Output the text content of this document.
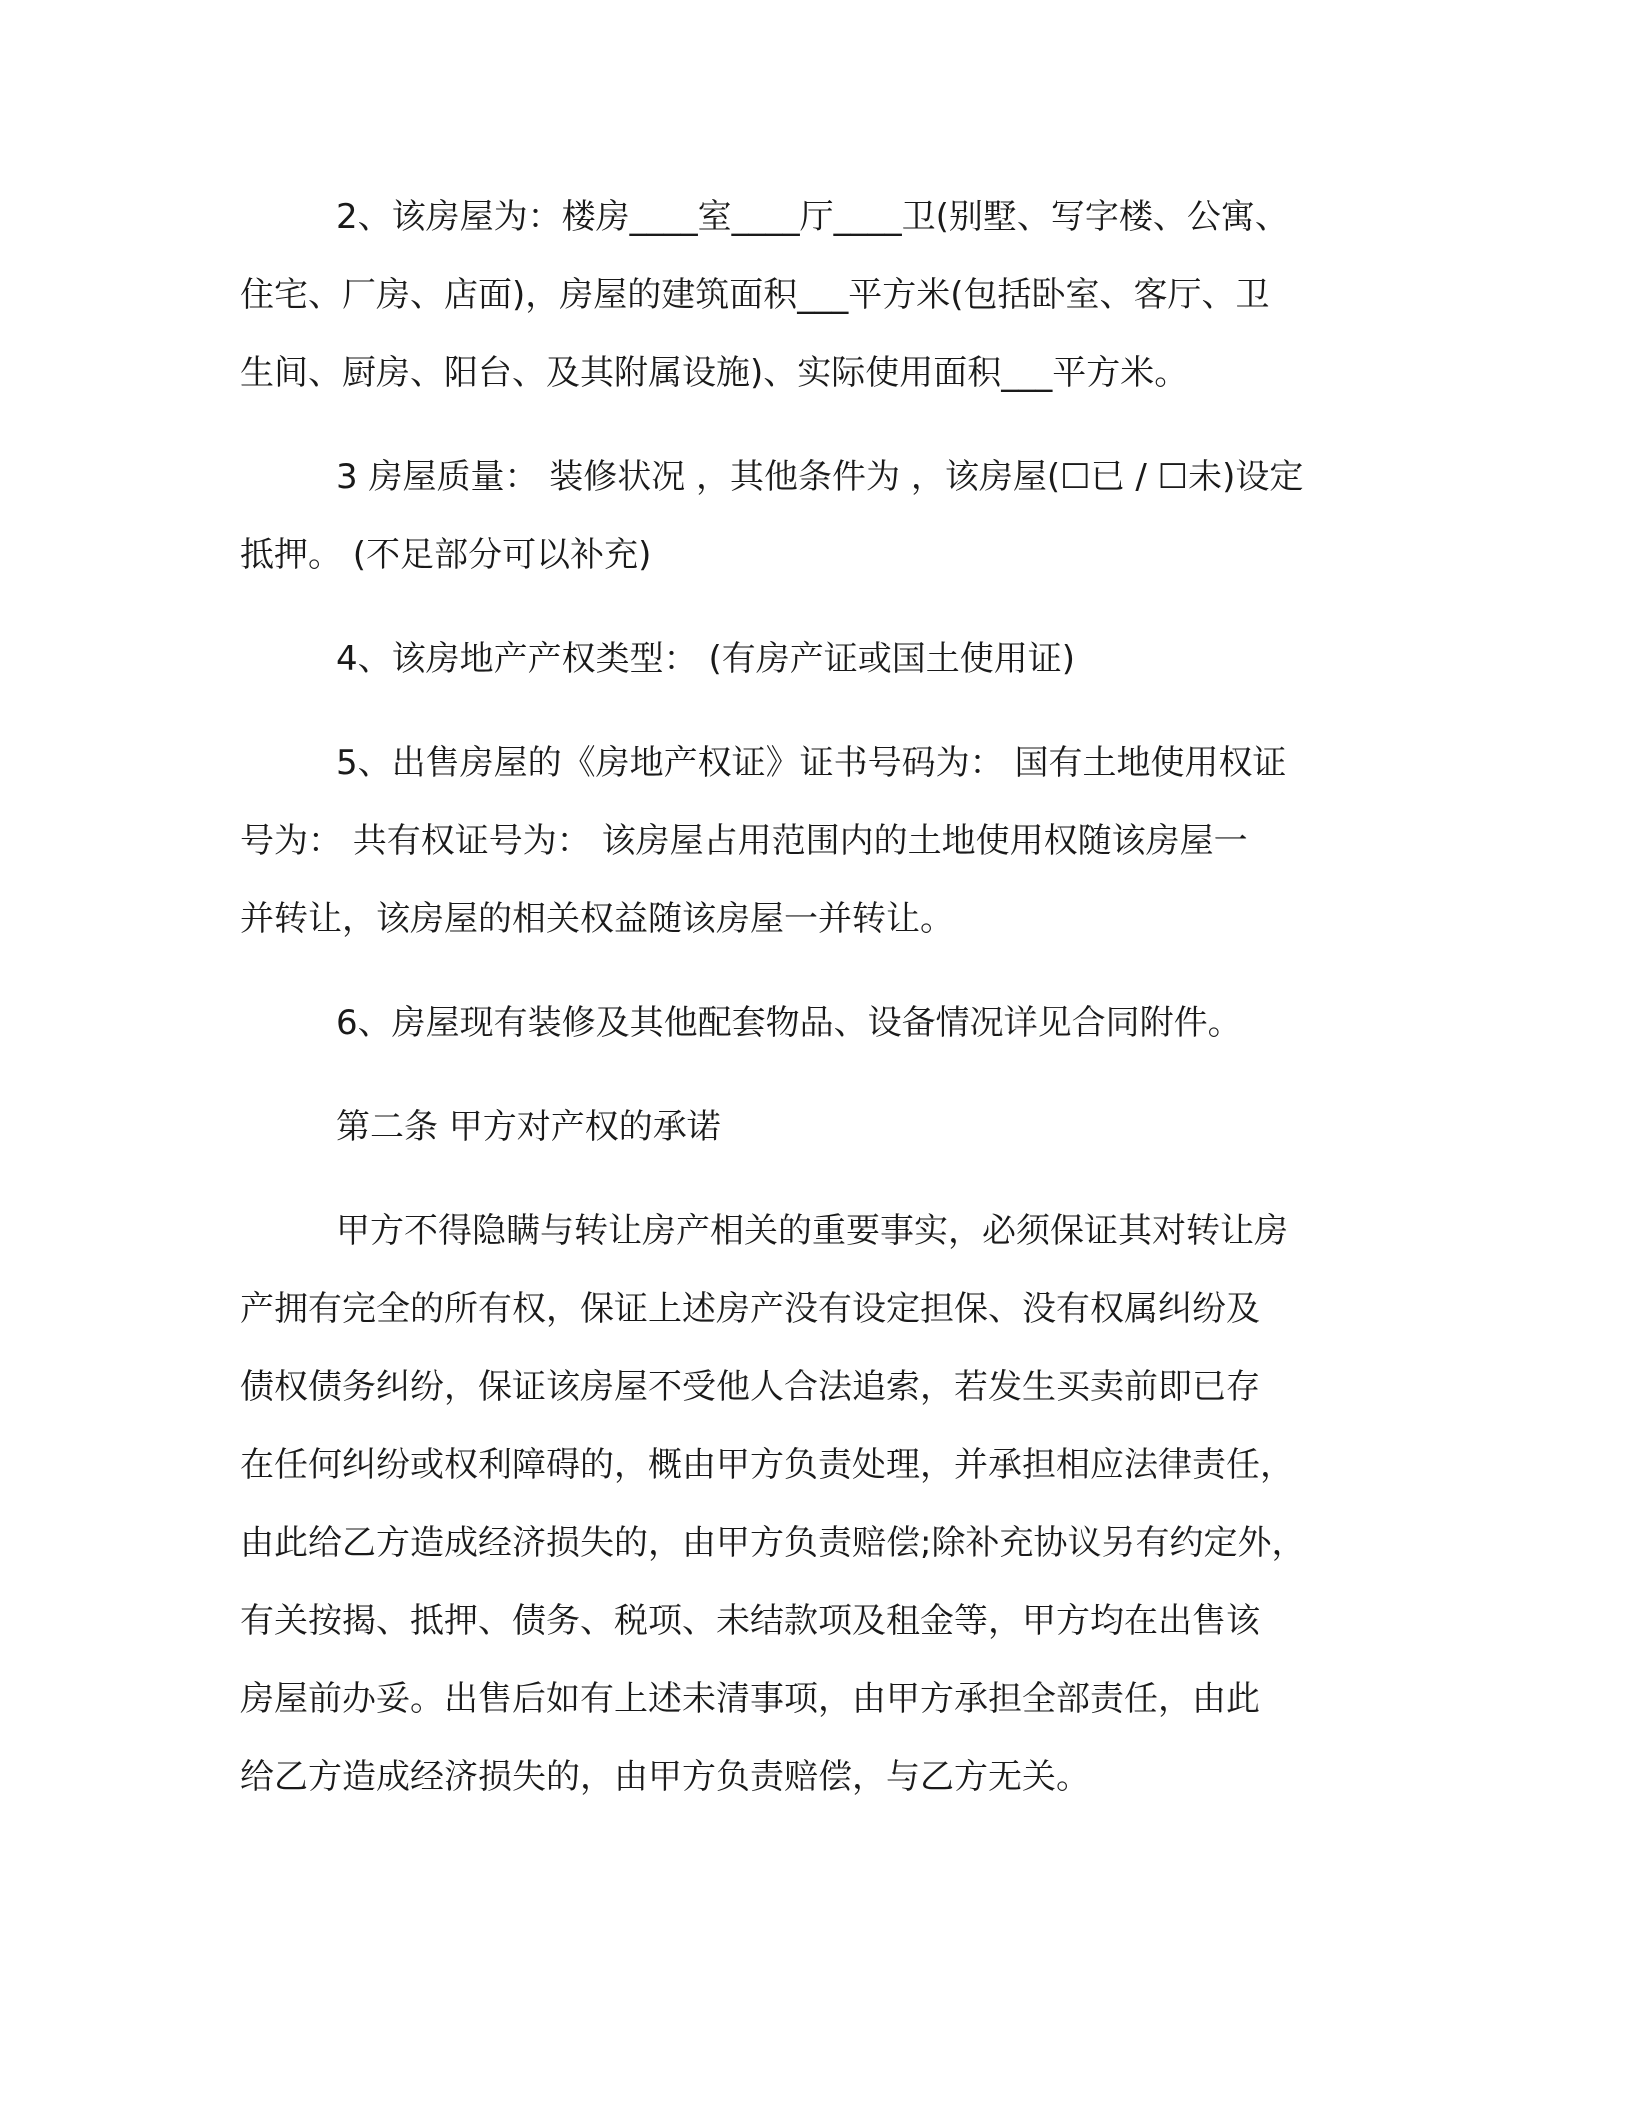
2、该房屋为：楼房____室____厅____卫(别墅、写字楼、公寓、
住宅、厂房、店面)，房屋的建筑面积___平方米(包括卧室、客厅、卫
生间、厨房、阳台、及其附属设施)、实际使用面积___平方米。
3 房屋质量： 装修状况 ，其他条件为 ，该房屋(☐已 / ☐未)设定
抵押。 (不足部分可以补充)
4、该房地产产权类型： (有房产证或国土使用证)
5、出售房屋的《房地产权证》证书号码为： 国有土地使用权证
号为： 共有权证号为： 该房屋占用范围内的土地使用权随该房屋一
并转让，该房屋的相关权益随该房屋一并转让。
6、房屋现有装修及其他配套物品、设备情况详见合同附件。
第二条 甲方对产权的承诺
甲方不得隐瞒与转让房产相关的重要事实，必须保证其对转让房
产拥有完全的所有权，保证上述房产没有设定担保、没有权属纠纷及
债权债务纠纷，保证该房屋不受他人合法追索，若发生买卖前即已存
在任何纠纷或权利障碍的，概由甲方负责处理，并承担相应法律责任，
由此给乙方造成经济损失的，由甲方负责赔偿;除补充协议另有约定外，
有关按揭、抵押、债务、税项、未结款项及租金等，甲方均在出售该
房屋前办妥。出售后如有上述未清事项，由甲方承担全部责任，由此
给乙方造成经济损失的，由甲方负责赔偿，与乙方无关。
